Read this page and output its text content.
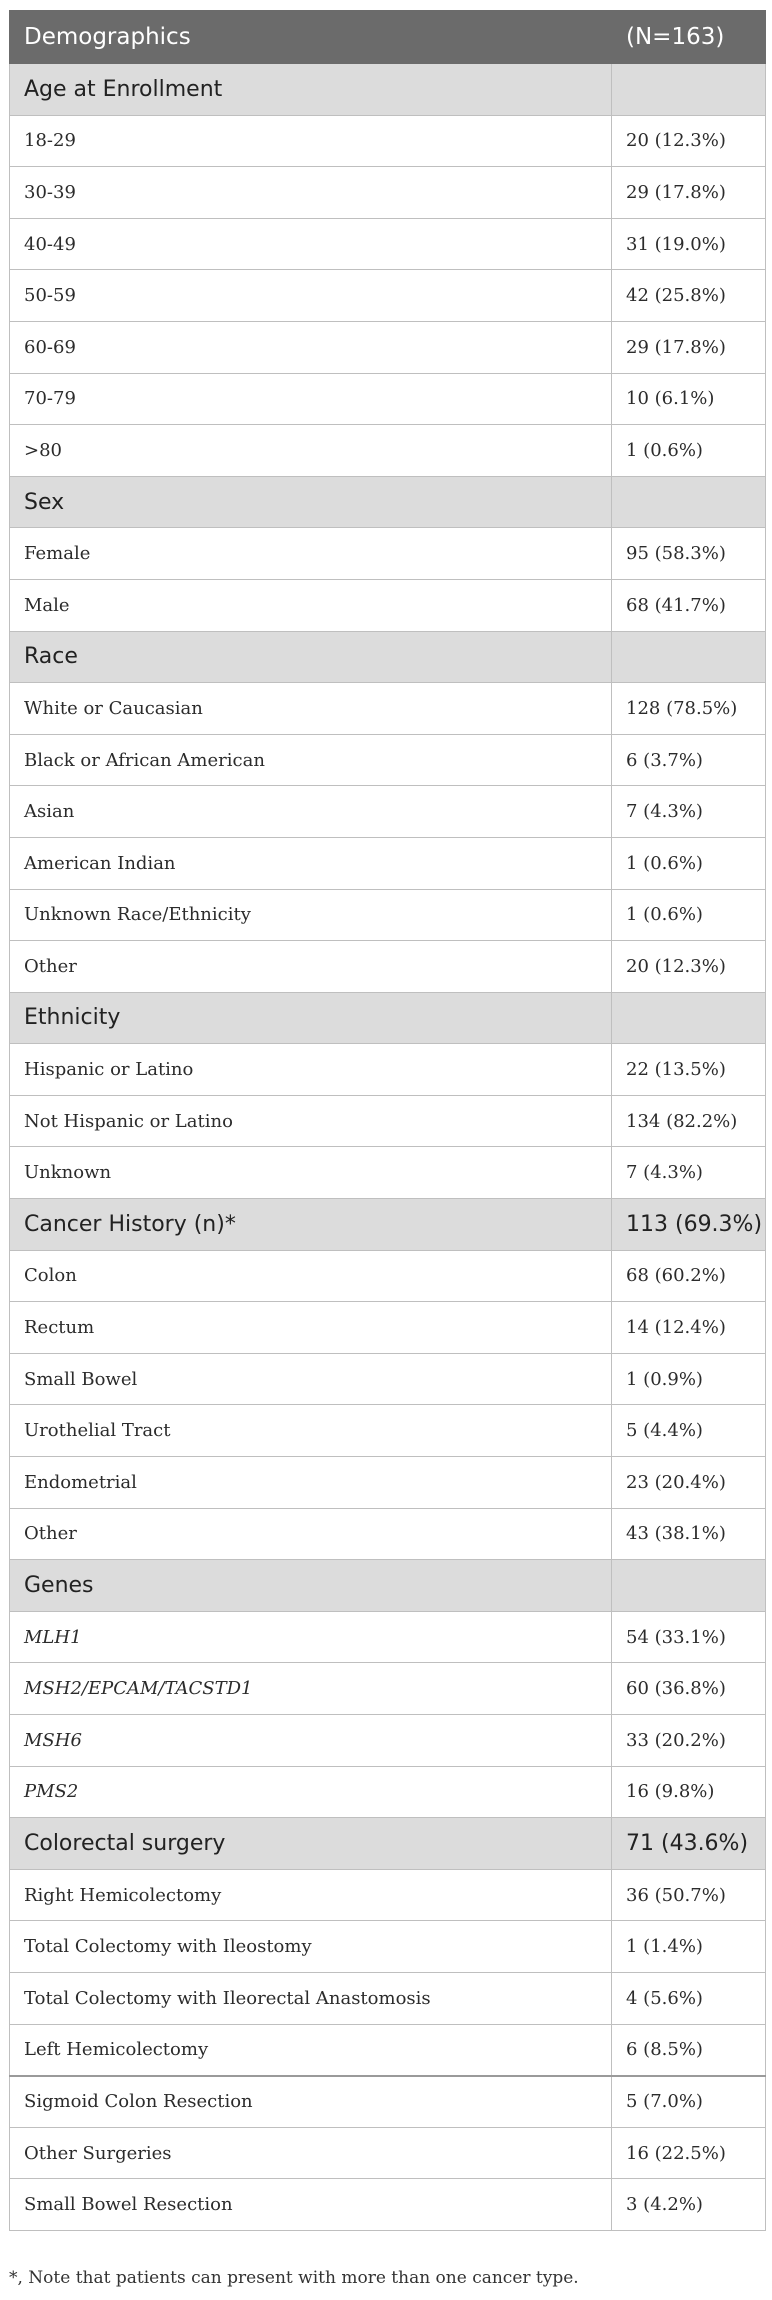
Demographics	(N=163)
Age at Enrollment	
18-29	20 (12.3%)
30-39	29 (17.8%)
40-49	31 (19.0%)
50-59	42 (25.8%)
60-69	29 (17.8%)
70-79	10 (6.1%)
>80	1 (0.6%)
Sex	
Female	95 (58.3%)
Male	68 (41.7%)
Race	
White or Caucasian	128 (78.5%)
Black or African American	6 (3.7%)
Asian	7 (4.3%)
American Indian	1 (0.6%)
Unknown Race/Ethnicity	1 (0.6%)
Other	20 (12.3%)
Ethnicity	
Hispanic or Latino	22 (13.5%)
Not Hispanic or Latino	134 (82.2%)
Unknown	7 (4.3%)
Cancer History (n)*	113 (69.3%)
Colon	68 (60.2%)
Rectum	14 (12.4%)
Small Bowel	1 (0.9%)
Urothelial Tract	5 (4.4%)
Endometrial	23 (20.4%)
Other	43 (38.1%)
Genes	
MLH1	54 (33.1%)
MSH2/EPCAM/TACSTD1	60 (36.8%)
MSH6	33 (20.2%)
PMS2	16 (9.8%)
Colorectal surgery	71 (43.6%)
Right Hemicolectomy	36 (50.7%)
Total Colectomy with Ileostomy	1 (1.4%)
Total Colectomy with Ileorectal Anastomosis	4 (5.6%)
Left Hemicolectomy	6 (8.5%)
Sigmoid Colon Resection	5 (7.0%)
Other Surgeries	16 (22.5%)
Small Bowel Resection	3 (4.2%)
*, Note that patients can present with more than one cancer type.
